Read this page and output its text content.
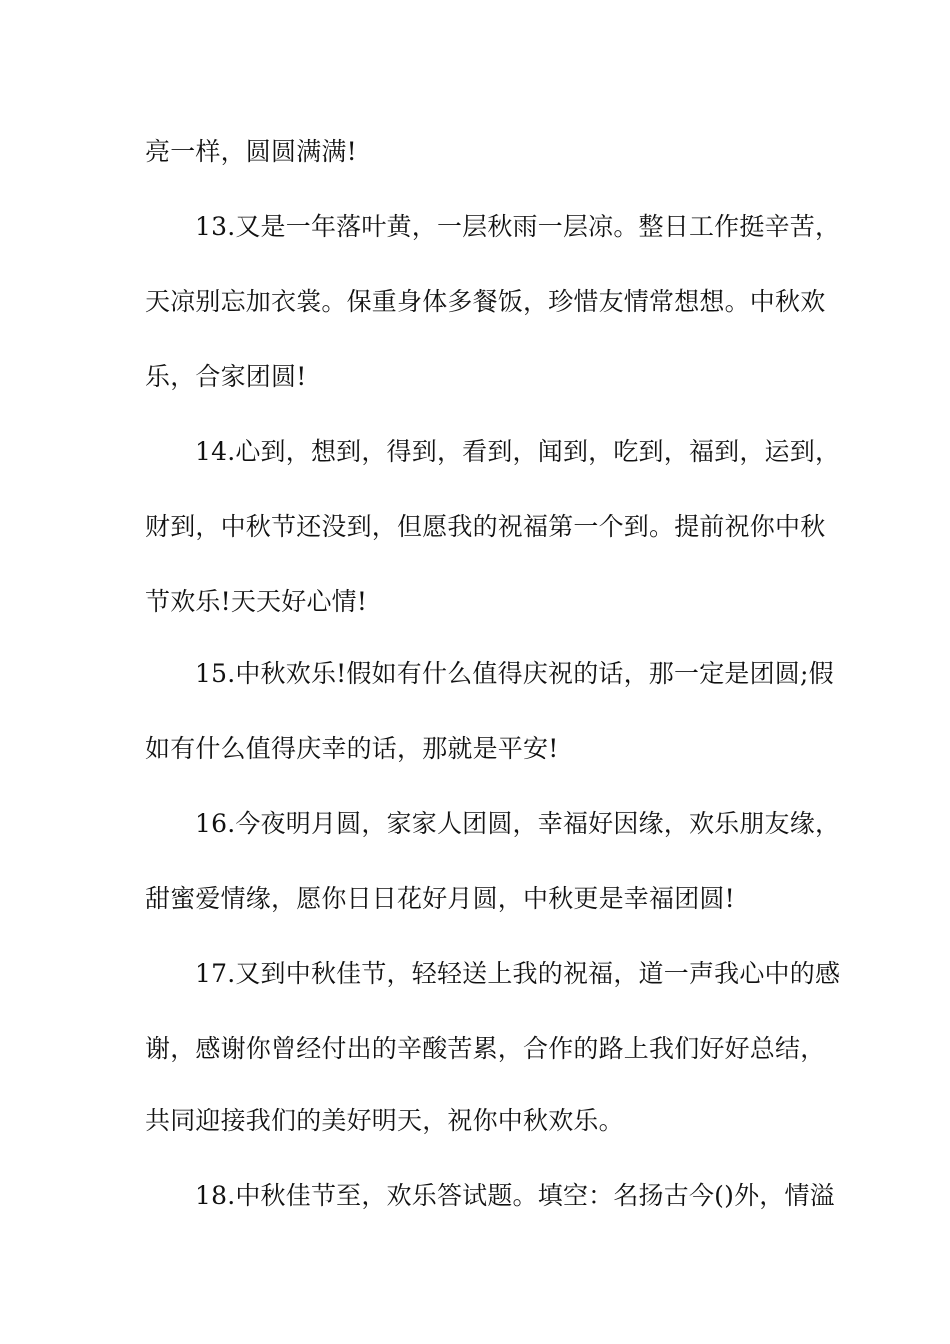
亮一样，圆圆满满!

13.又是一年落叶黄，一层秋雨一层凉。整日工作挺辛苦，

天凉别忘加衣裳。保重身体多餐饭，珍惜友情常想想。中秋欢

乐，合家团圆!

14.心到，想到，得到，看到，闻到，吃到，福到，运到，

财到，中秋节还没到，但愿我的祝福第一个到。提前祝你中秋

节欢乐!天天好心情!

15.中秋欢乐!假如有什么值得庆祝的话，那一定是团圆;假

如有什么值得庆幸的话，那就是平安!

16.今夜明月圆，家家人团圆，幸福好因缘，欢乐朋友缘，

甜蜜爱情缘，愿你日日花好月圆，中秋更是幸福团圆!

17.又到中秋佳节，轻轻送上我的祝福，道一声我心中的感

谢，感谢你曾经付出的辛酸苦累，合作的路上我们好好总结，

共同迎接我们的美好明天，祝你中秋欢乐。

18.中秋佳节至，欢乐答试题。填空：名扬古今()外，情溢
